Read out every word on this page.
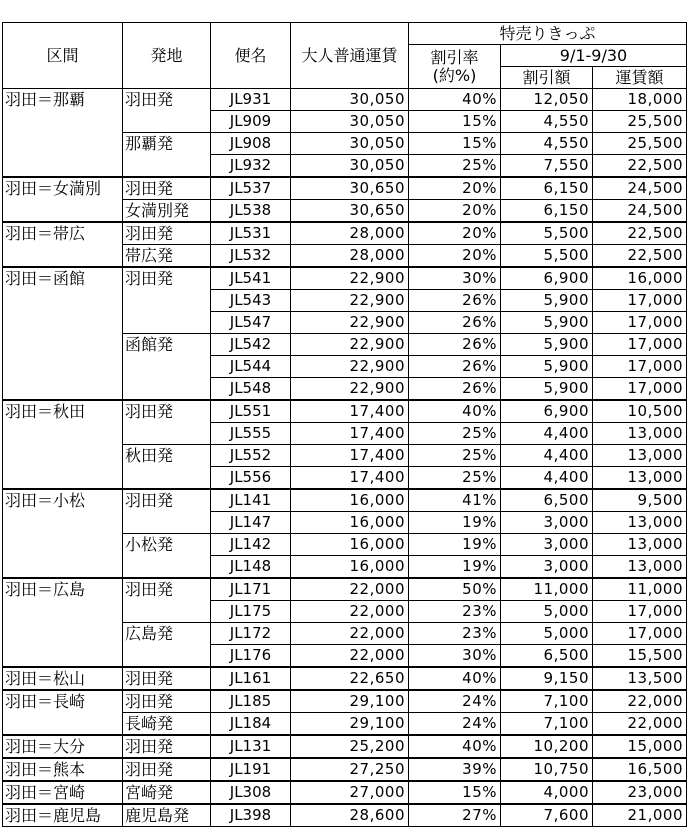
区間	発地	便名	大人普通運賃	特売りきっぷ		
				割引率(約%)	9/1-9/30	
					割引額	運賃額
羽田＝那覇	羽田発	JL931	30,050	40%	12,050	18,000
		JL909	30,050	15%	4,550	25,500
	那覇発	JL908	30,050	15%	4,550	25,500
		JL932	30,050	25%	7,550	22,500
羽田＝女満別	羽田発	JL537	30,650	20%	6,150	24,500
	女満別発	JL538	30,650	20%	6,150	24,500
羽田＝帯広	羽田発	JL531	28,000	20%	5,500	22,500
	帯広発	JL532	28,000	20%	5,500	22,500
羽田＝函館	羽田発	JL541	22,900	30%	6,900	16,000
		JL543	22,900	26%	5,900	17,000
		JL547	22,900	26%	5,900	17,000
	函館発	JL542	22,900	26%	5,900	17,000
		JL544	22,900	26%	5,900	17,000
		JL548	22,900	26%	5,900	17,000
羽田＝秋田	羽田発	JL551	17,400	40%	6,900	10,500
		JL555	17,400	25%	4,400	13,000
	秋田発	JL552	17,400	25%	4,400	13,000
		JL556	17,400	25%	4,400	13,000
羽田＝小松	羽田発	JL141	16,000	41%	6,500	9,500
		JL147	16,000	19%	3,000	13,000
	小松発	JL142	16,000	19%	3,000	13,000
		JL148	16,000	19%	3,000	13,000
羽田＝広島	羽田発	JL171	22,000	50%	11,000	11,000
		JL175	22,000	23%	5,000	17,000
	広島発	JL172	22,000	23%	5,000	17,000
		JL176	22,000	30%	6,500	15,500
羽田＝松山	羽田発	JL161	22,650	40%	9,150	13,500
羽田＝長崎	羽田発	JL185	29,100	24%	7,100	22,000
	長崎発	JL184	29,100	24%	7,100	22,000
羽田＝大分	羽田発	JL131	25,200	40%	10,200	15,000
羽田＝熊本	羽田発	JL191	27,250	39%	10,750	16,500
羽田＝宮崎	宮崎発	JL308	27,000	15%	4,000	23,000
羽田＝鹿児島	鹿児島発	JL398	28,600	27%	7,600	21,000
